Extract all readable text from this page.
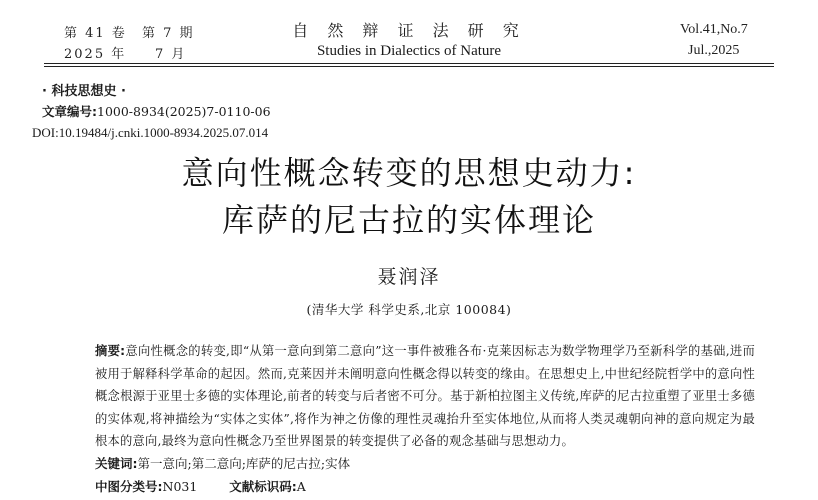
第 41 卷 第 7 期
2025 年 7 月
自 然 辩 证 法 研 究
Studies in Dialectics of Nature
Vol.41,No.7
Jul.,2025
· 科技思想史 ·
文章编号:1000-8934(2025)7-0110-06
DOI:10.19484/j.cnki.1000-8934.2025.07.014
意向性概念转变的思想史动力:
库萨的尼古拉的实体理论
聂润泽
(清华大学 科学史系,北京 100084)
摘要:意向性概念的转变,即“从第一意向到第二意向”这一事件被雅各布·克莱因标志为数学物理学乃至新科学的基础,进而被用于解释科学革命的起因。然而,克莱因并未阐明意向性概念得以转变的缘由。在思想史上,中世纪经院哲学中的意向性概念根源于亚里士多德的实体理论,前者的转变与后者密不可分。基于新柏拉图主义传统,库萨的尼古拉重塑了亚里士多德的实体观,将神描绘为“实体之实体”,将作为神之仿像的理性灵魂抬升至实体地位,从而将人类灵魂朝向神的意向规定为最根本的意向,最终为意向性概念乃至世界图景的转变提供了必备的观念基础与思想动力。
关键词:第一意向;第二意向;库萨的尼古拉;实体
中图分类号:N031	文献标识码:A
